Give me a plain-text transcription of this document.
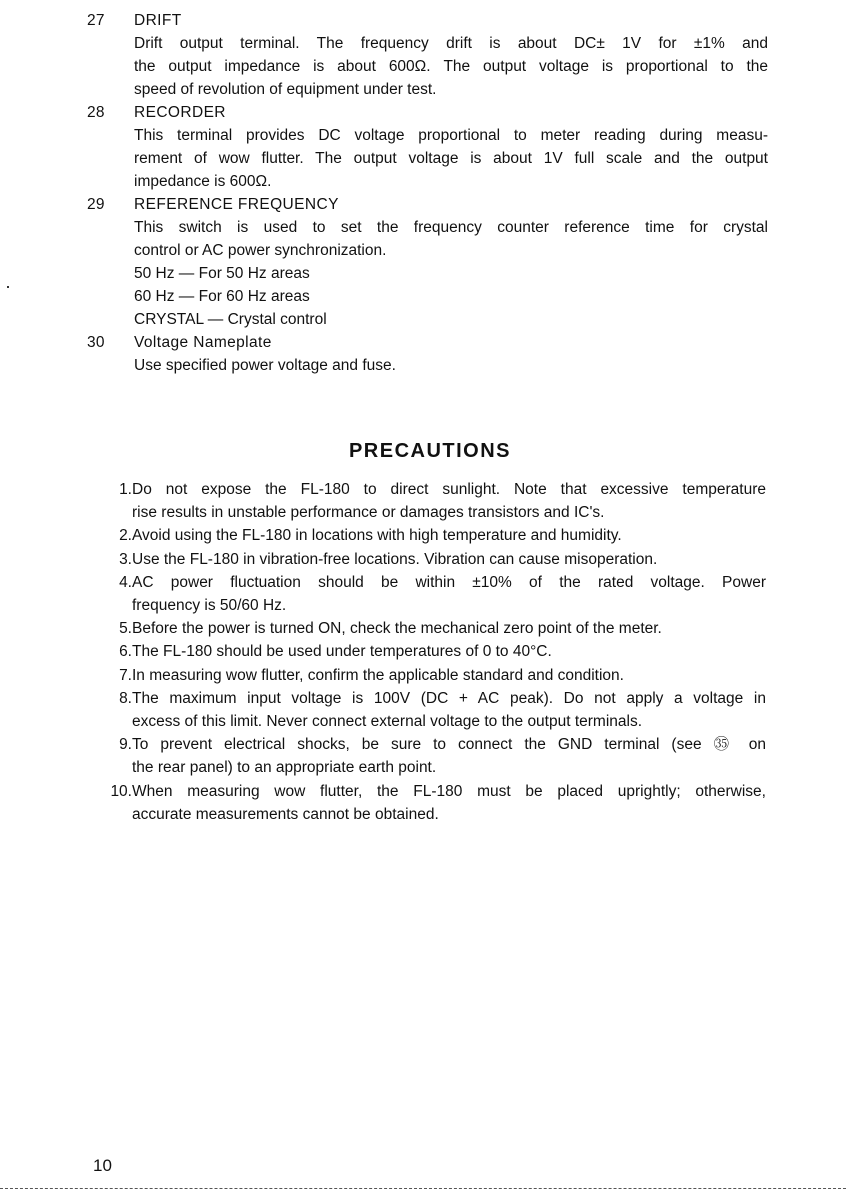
27	DRIFT
Drift output terminal. The frequency drift is about DC± 1V for ±1% and
the output impedance is about 600Ω. The output voltage is proportional to the
speed of revolution of equipment under test.
28	RECORDER
This terminal provides DC voltage proportional to meter reading during measu-
rement of wow flutter. The output voltage is about 1V full scale and the output
impedance is 600Ω.
29	REFERENCE FREQUENCY
This switch is used to set the frequency counter reference time for crystal
control or AC power synchronization.
50 Hz — For 50 Hz areas
60 Hz — For 60 Hz areas
CRYSTAL — Crystal control
30	Voltage Nameplate
Use specified power voltage and fuse.
PRECAUTIONS
1. Do not expose the FL-180 to direct sunlight. Note that excessive temperature
rise results in unstable performance or damages transistors and IC's.
2. Avoid using the FL-180 in locations with high temperature and humidity.
3. Use the FL-180 in vibration-free locations. Vibration can cause misoperation.
4. AC power fluctuation should be within ±10% of the rated voltage. Power
frequency is 50/60 Hz.
5. Before the power is turned ON, check the mechanical zero point of the meter.
6. The FL-180 should be used under temperatures of 0 to 40°C.
7. In measuring wow flutter, confirm the applicable standard and condition.
8. The maximum input voltage is 100V (DC + AC peak). Do not apply a voltage in
excess of this limit. Never connect external voltage to the output terminals.
9. To prevent electrical shocks, be sure to connect the GND terminal (see ㉟ on
the rear panel) to an appropriate earth point.
10. When measuring wow flutter, the FL-180 must be placed uprightly; otherwise,
accurate measurements cannot be obtained.
10
